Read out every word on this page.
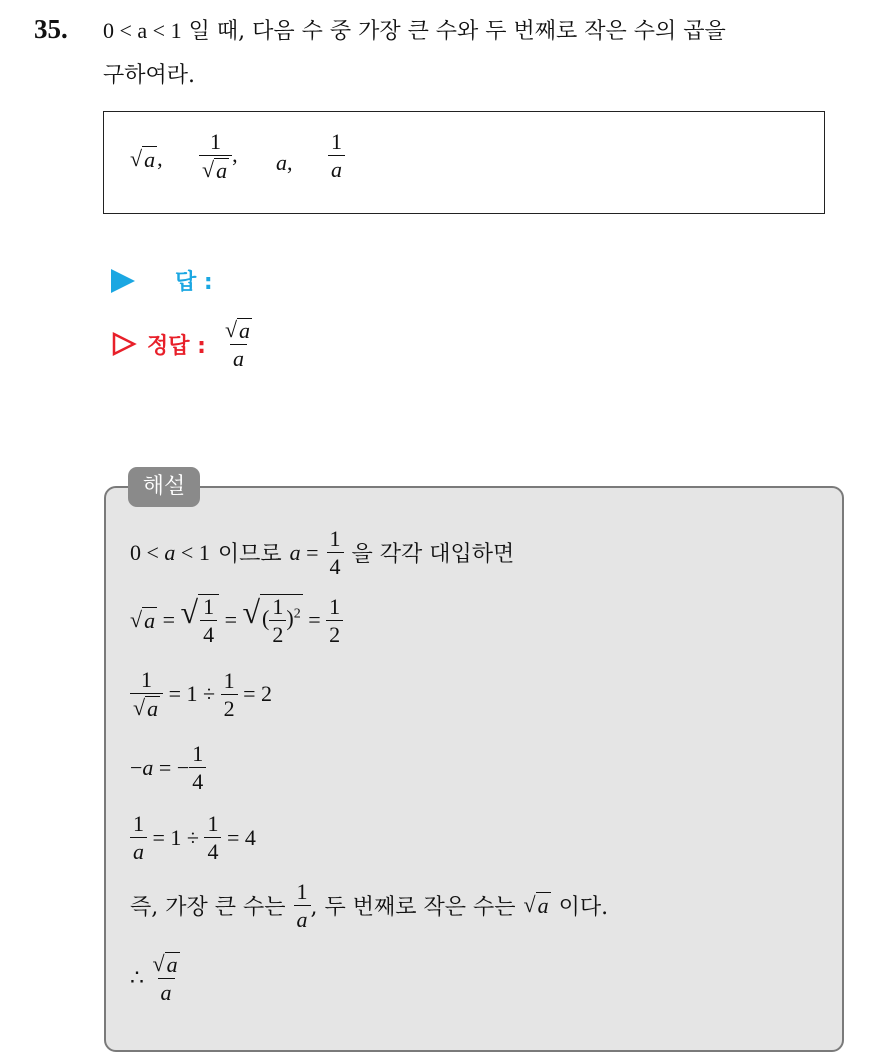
35. 0 < a < 1 일 때, 다음 수 중 가장 큰 수와 두 번째로 작은 수의 곱을
구하여라.
√ a , $\frac{1}{√ a}$ , a, $\frac{1}{a}$
답 :
정답 : $\frac{√ a}{a}$
해설
0 < a < 1 이므로 $a = \frac{1}{4}$ 을 각각 대입하면
√ a = √ $\frac{1}{4}$ = √ ( $\frac{1}{2} )^2 = \frac{1}{2}$
$\frac{1}{√ a} = 1 \div \frac{1}{2} = 2$
−a = − $\frac{1}{4}$
$\frac{1}{a} = 1 \div \frac{1}{4} = 4$
즉, 가장 큰 수는 $\frac{1}{a}$ , 두 번째로 작은 수는 √ a 이다.
∴ $\frac{√ a}{a}$
